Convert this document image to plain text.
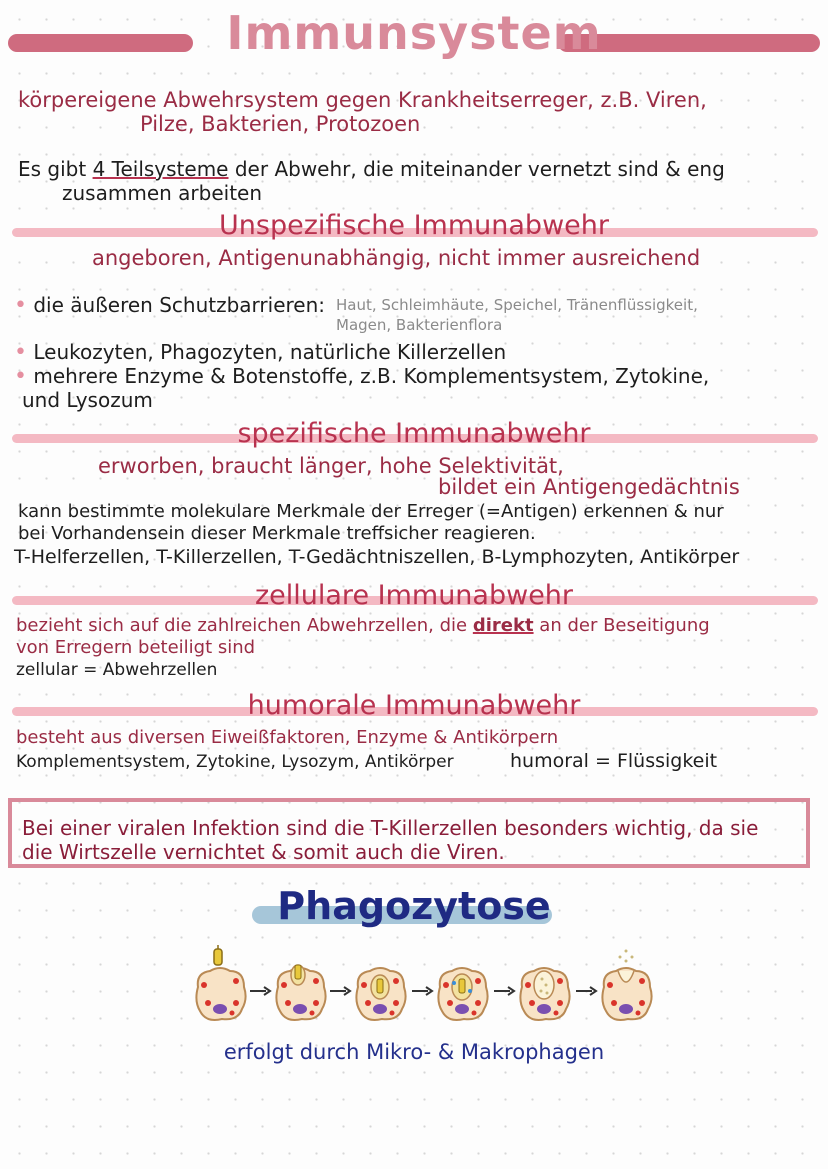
Immunsystem
körpereigene Abwehrsystem gegen Krankheitserreger, z.B. Viren,
Pilze, Bakterien, Protozoen
Es gibt 4 Teilsysteme der Abwehr, die miteinander vernetzt sind & eng
zusammen arbeiten
Unspezifische Immunabwehr
angeboren, Antigenunabhängig, nicht immer ausreichend
• die äußeren Schutzbarrieren: Haut, Schleimhäute, Speichel, Tränenflüssigkeit,
Magen, Bakterienflora
• Leukozyten, Phagozyten, natürliche Killerzellen
• mehrere Enzyme & Botenstoffe, z.B. Komplementsystem, Zytokine,
und Lysozum
spezifische Immunabwehr
erworben, braucht länger, hohe Selektivität,
bildet ein Antigengedächtnis
kann bestimmte molekulare Merkmale der Erreger (=Antigen) erkennen & nur
bei Vorhandensein dieser Merkmale treffsicher reagieren.
T-Helferzellen, T-Killerzellen, T-Gedächtniszellen, B-Lymphozyten, Antikörper
zellulare Immunabwehr
bezieht sich auf die zahlreichen Abwehrzellen, die direkt an der Beseitigung
von Erregern beteiligt sind
zellular = Abwehrzellen
humorale Immunabwehr
besteht aus diversen Eiweißfaktoren, Enzyme & Antikörpern
Komplementsystem, Zytokine, Lysozym, Antikörper	humoral = Flüssigkeit
Bei einer viralen Infektion sind die T-Killerzellen besonders wichtig, da sie
die Wirtszelle vernichtet & somit auch die Viren.
Phagozytose
erfolgt durch Mikro- & Makrophagen
